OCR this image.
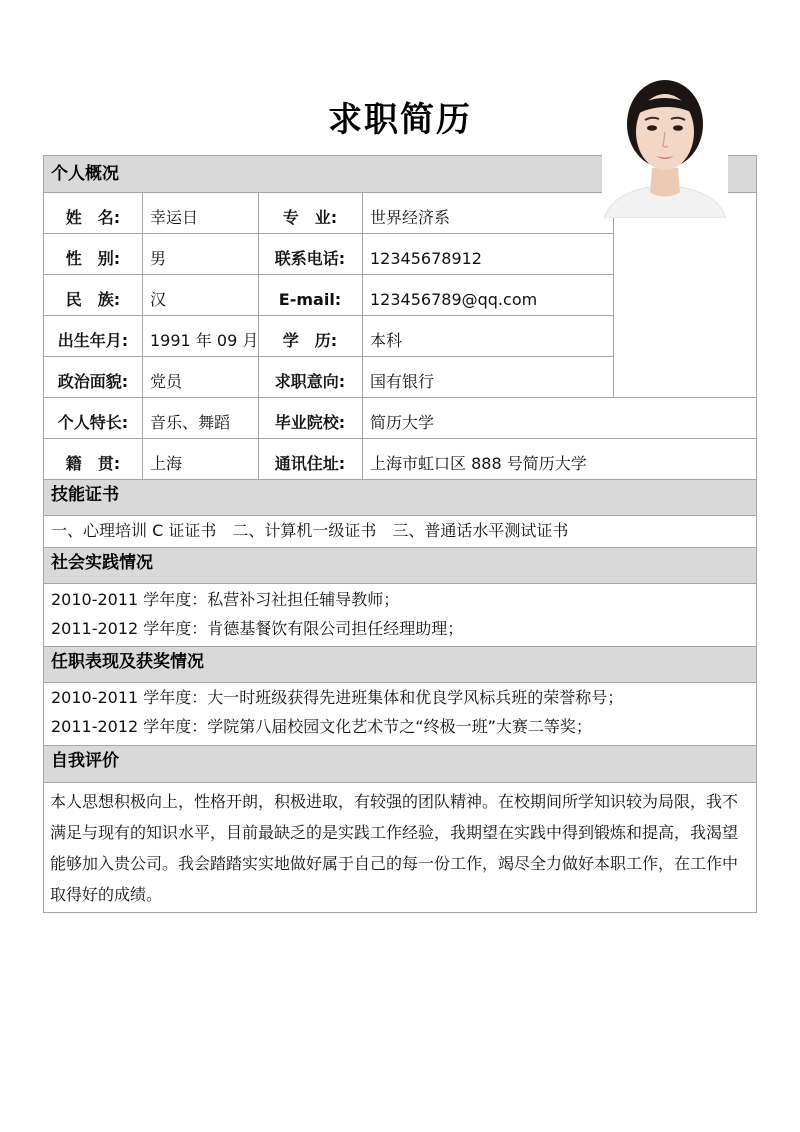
求职简历
个人概况
姓　名:	幸运日	专　业:	世界经济系
性　别:	男	联系电话:	12345678912
民　族:	汉	E-mail:	123456789@qq.com
出生年月:	1991 年 09 月	学　历:	本科
政治面貌:	党员	求职意向:	国有银行
个人特长:	音乐、舞蹈	毕业院校:	简历大学
籍　贯:	上海	通讯住址:	上海市虹口区 888 号简历大学
技能证书
一、心理培训 C 证证书　二、计算机一级证书　三、普通话水平测试证书
社会实践情况
2010-2011 学年度：私营补习社担任辅导教师；
2011-2012 学年度：肯德基餐饮有限公司担任经理助理；
任职表现及获奖情况
2010-2011 学年度：大一时班级获得先进班集体和优良学风标兵班的荣誉称号；
2011-2012 学年度：学院第八届校园文化艺术节之“终极一班”大赛二等奖；
自我评价
本人思想积极向上，性格开朗，积极进取，有较强的团队精神。在校期间所学知识较为局限，我不满足与现有的知识水平，目前最缺乏的是实践工作经验，我期望在实践中得到锻炼和提高，我渴望能够加入贵公司。我会踏踏实实地做好属于自己的每一份工作，竭尽全力做好本职工作，在工作中取得好的成绩。
